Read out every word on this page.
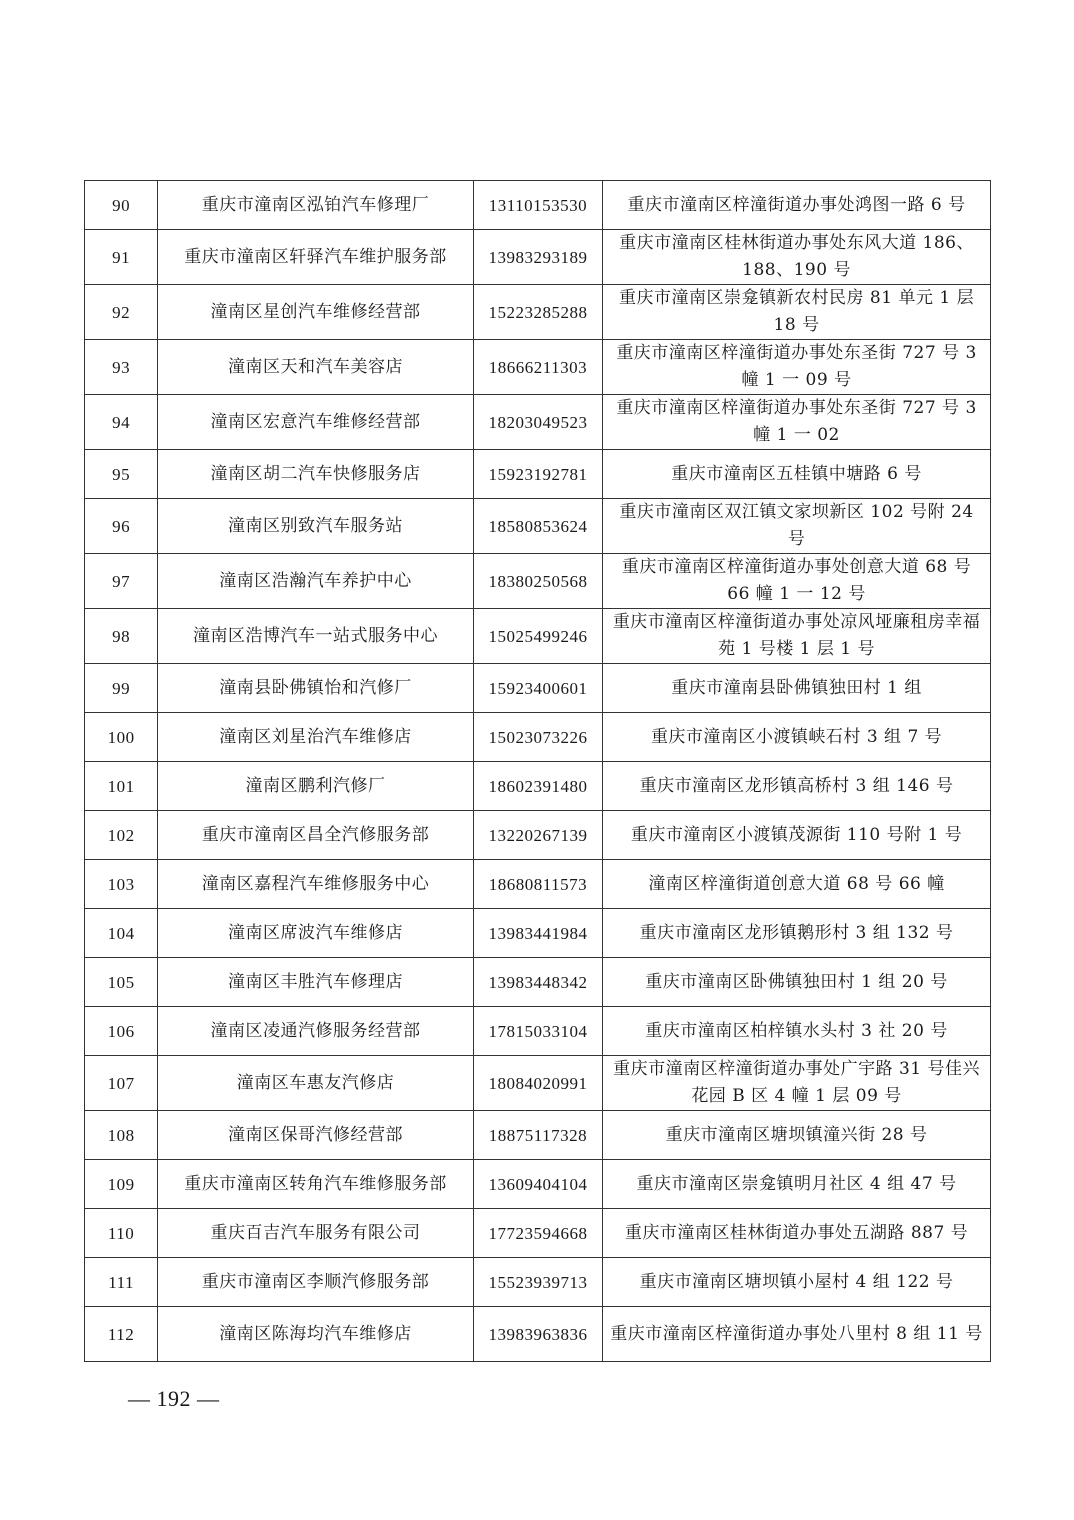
90	重庆市潼南区泓铂汽车修理厂	13110153530	重庆市潼南区梓潼街道办事处鸿图一路 6 号
91	重庆市潼南区轩驿汽车维护服务部	13983293189	重庆市潼南区桂林街道办事处东风大道 186、188、190 号
92	潼南区星创汽车维修经营部	15223285288	重庆市潼南区崇龛镇新农村民房 81 单元 1 层 18 号
93	潼南区天和汽车美容店	18666211303	重庆市潼南区梓潼街道办事处东圣街 727 号 3 幢 1 一 09 号
94	潼南区宏意汽车维修经营部	18203049523	重庆市潼南区梓潼街道办事处东圣街 727 号 3 幢 1 一 02
95	潼南区胡二汽车快修服务店	15923192781	重庆市潼南区五桂镇中塘路 6 号
96	潼南区别致汽车服务站	18580853624	重庆市潼南区双江镇文家坝新区 102 号附 24 号
97	潼南区浩瀚汽车养护中心	18380250568	重庆市潼南区梓潼街道办事处创意大道 68 号 66 幢 1 一 12 号
98	潼南区浩博汽车一站式服务中心	15025499246	重庆市潼南区梓潼街道办事处凉风垭廉租房幸福苑 1 号楼 1 层 1 号
99	潼南县卧佛镇怡和汽修厂	15923400601	重庆市潼南县卧佛镇独田村 1 组
100	潼南区刘星治汽车维修店	15023073226	重庆市潼南区小渡镇峡石村 3 组 7 号
101	潼南区鹏利汽修厂	18602391480	重庆市潼南区龙形镇高桥村 3 组 146 号
102	重庆市潼南区昌全汽修服务部	13220267139	重庆市潼南区小渡镇茂源街 110 号附 1 号
103	潼南区嘉程汽车维修服务中心	18680811573	潼南区梓潼街道创意大道 68 号 66 幢
104	潼南区席波汽车维修店	13983441984	重庆市潼南区龙形镇鹅形村 3 组 132 号
105	潼南区丰胜汽车修理店	13983448342	重庆市潼南区卧佛镇独田村 1 组 20 号
106	潼南区凌通汽修服务经营部	17815033104	重庆市潼南区柏梓镇水头村 3 社 20 号
107	潼南区车惠友汽修店	18084020991	重庆市潼南区梓潼街道办事处广宇路 31 号佳兴花园 B 区 4 幢 1 层 09 号
108	潼南区保哥汽修经营部	18875117328	重庆市潼南区塘坝镇潼兴街 28 号
109	重庆市潼南区转角汽车维修服务部	13609404104	重庆市潼南区崇龛镇明月社区 4 组 47 号
110	重庆百吉汽车服务有限公司	17723594668	重庆市潼南区桂林街道办事处五湖路 887 号
111	重庆市潼南区李顺汽修服务部	15523939713	重庆市潼南区塘坝镇小屋村 4 组 122 号
112	潼南区陈海均汽车维修店	13983963836	重庆市潼南区梓潼街道办事处八里村 8 组 11 号
— 192 —
